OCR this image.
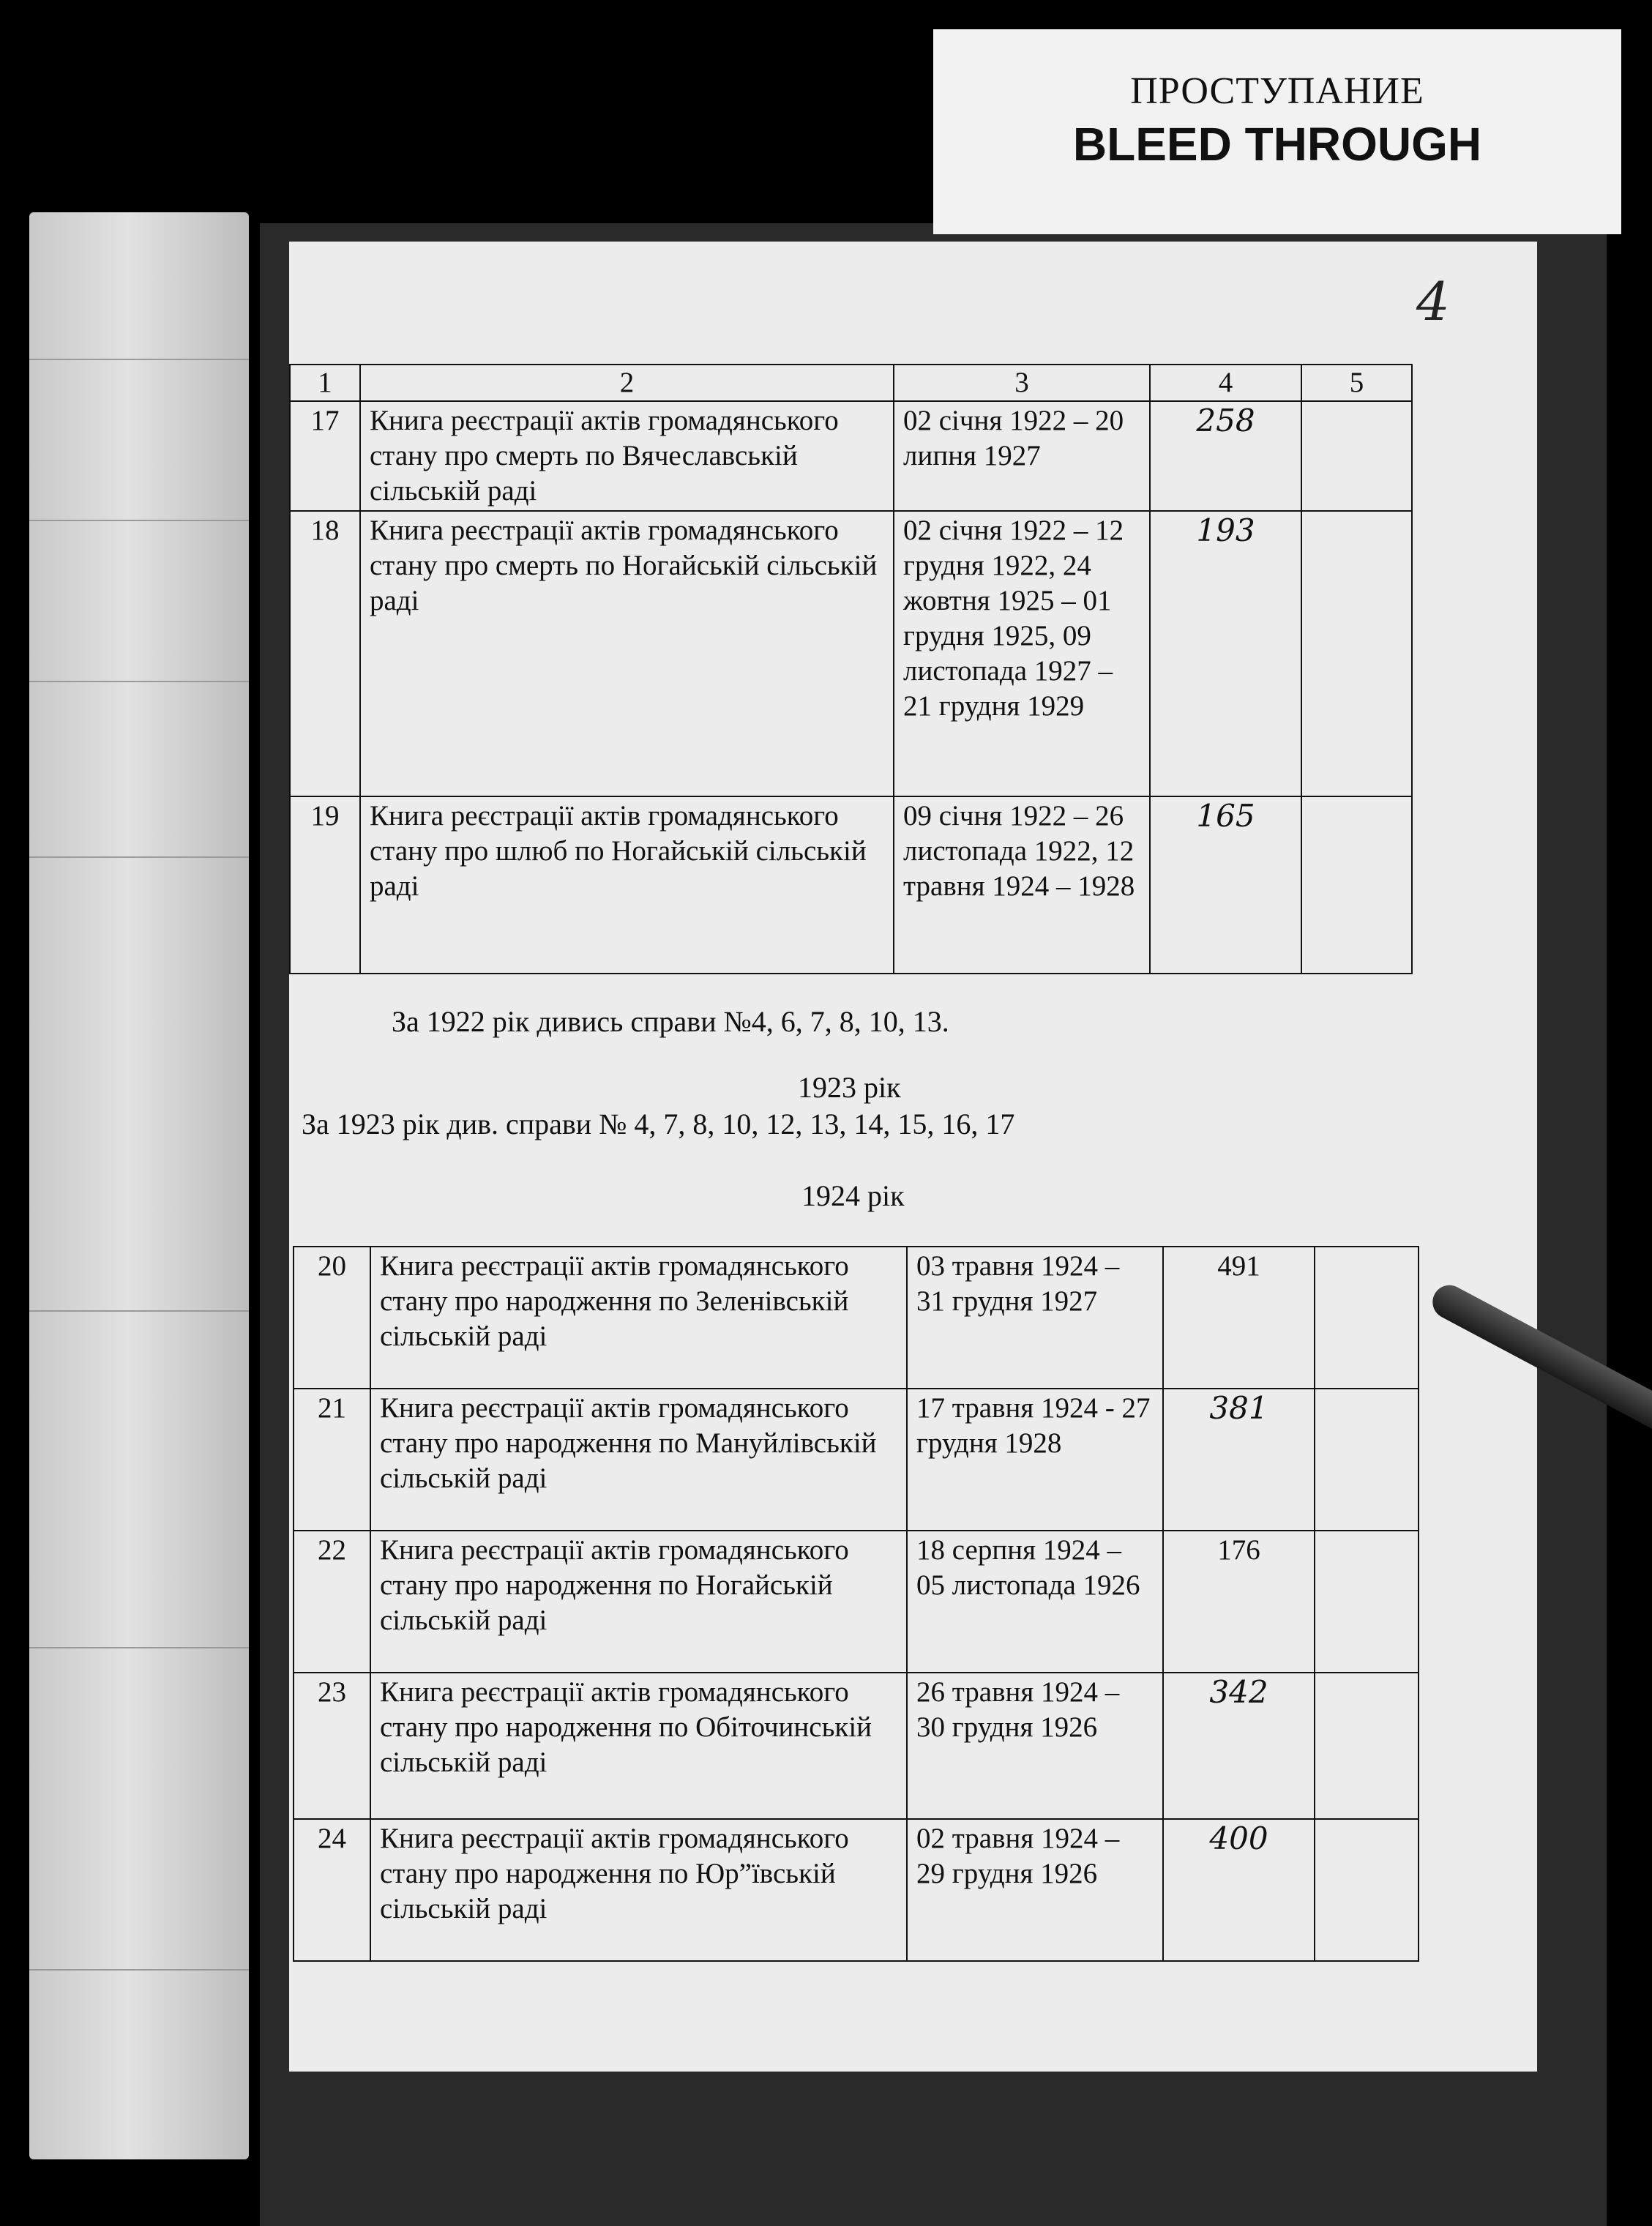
ПРОСТУПАНИЕ
BLEED THROUGH
4
1	2	3	4	5
17	Книга реєстрації актів громадянського стану про смерть по Вячеславській сільській раді	02 січня 1922 – 20 липня 1927	258	
18	Книга реєстрації актів громадянського стану про смерть по Ногайській сільській раді	02 січня 1922 – 12 грудня 1922, 24 жовтня 1925 – 01 грудня 1925, 09 листопада 1927 – 21 грудня 1929	193	
19	Книга реєстрації актів громадянського стану про шлюб по Ногайській сільській раді	09 січня 1922 – 26 листопада 1922, 12 травня 1924 – 1928	165	
За 1922 рік дивись справи №4, 6, 7, 8, 10, 13.
1923 рік
За 1923 рік див. справи № 4, 7, 8, 10, 12, 13, 14, 15, 16, 17
1924 рік
20	Книга реєстрації актів громадянського стану про народження по Зеленівській сільській раді	03 травня 1924 – 31 грудня 1927	491	
21	Книга реєстрації актів громадянського стану про народження по Мануйлівській сільській раді	17 травня 1924 - 27 грудня 1928	381	
22	Книга реєстрації актів громадянського стану про народження по Ногайській сільській раді	18 серпня 1924 – 05 листопада 1926	176	
23	Книга реєстрації актів громадянського стану про народження по Обіточинській сільській раді	26 травня 1924 – 30 грудня 1926	342	
24	Книга реєстрації актів громадянського стану про народження по Юр”ївській сільській раді	02 травня 1924 – 29 грудня 1926	400	
